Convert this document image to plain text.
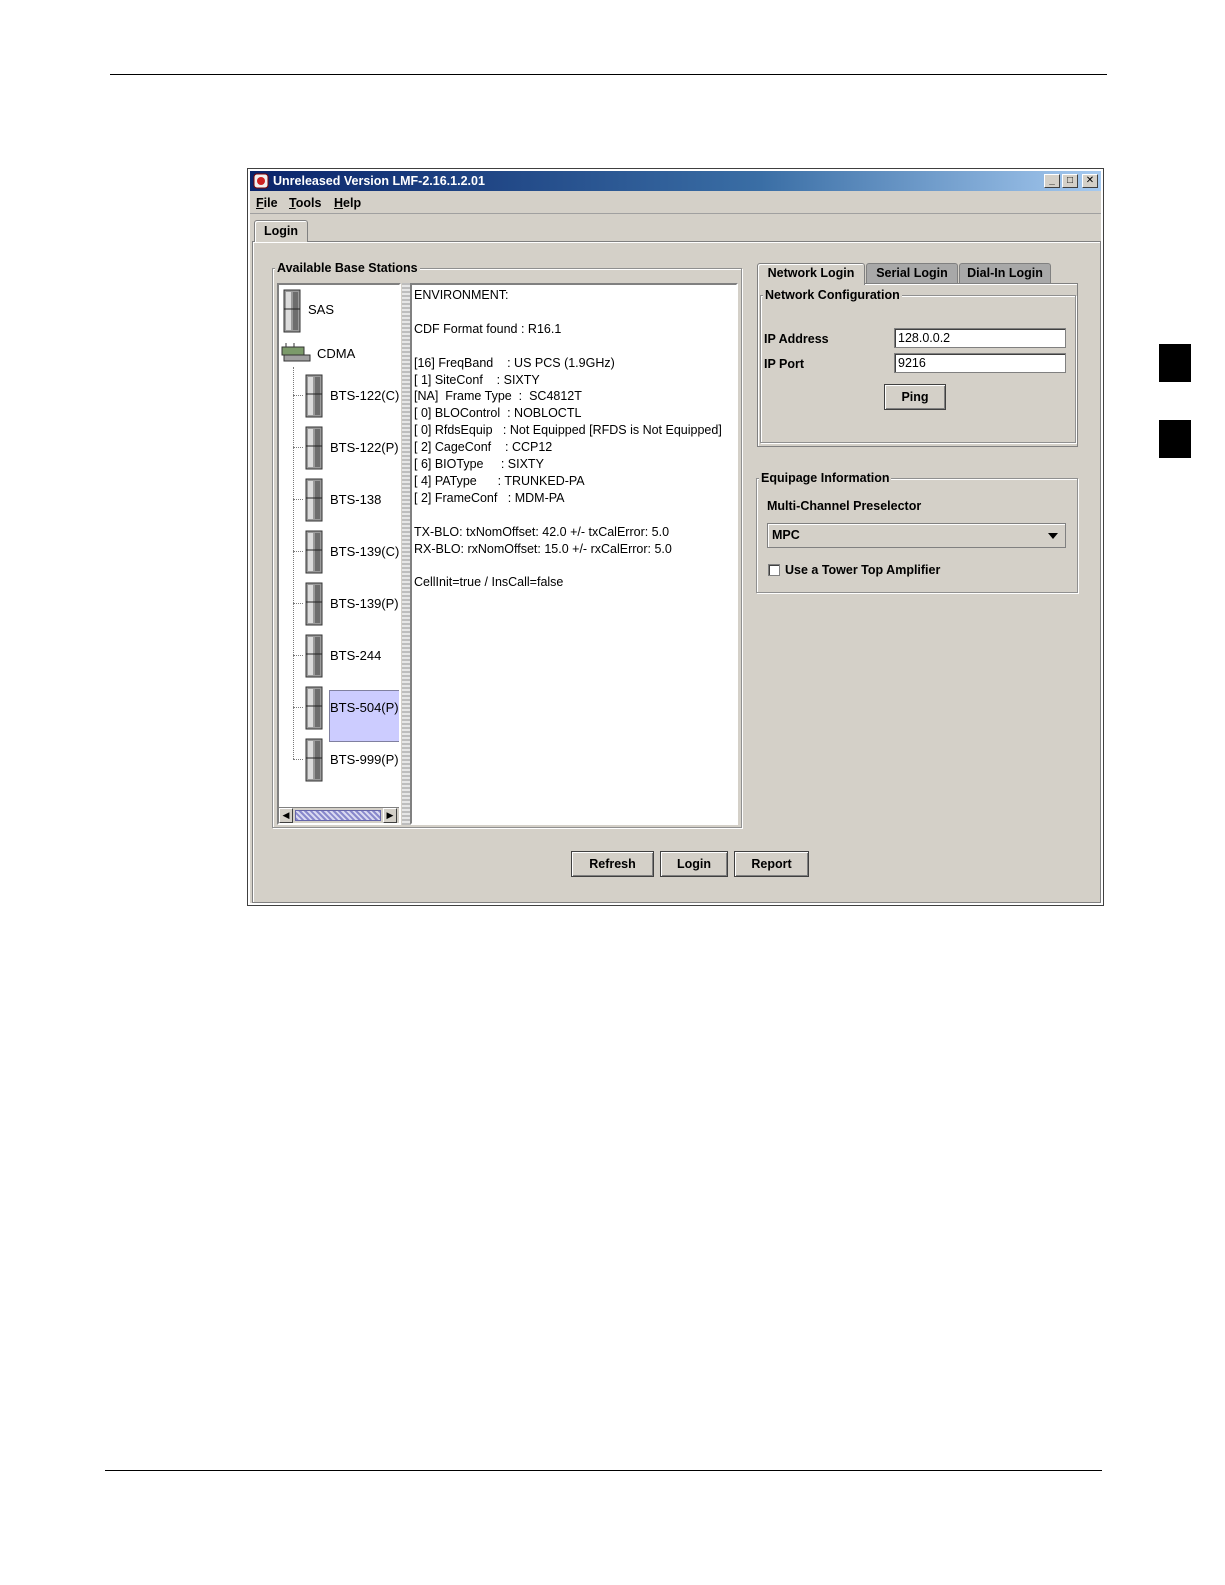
Unreleased Version LMF-2.16.1.2.01	_	□	✕
File Tools Help
Login
Available Base Stations
SAS
CDMA
BTS-122(C)
BTS-122(P)
BTS-138
BTS-139(C)
BTS-139(P)
BTS-244
BTS-504(P)
BTS-999(P)
◀	▶
ENVIRONMENT:

CDF Format found : R16.1

[16] FreqBand    : US PCS (1.9GHz)
[ 1] SiteConf    : SIXTY
[NA]  Frame Type  :  SC4812T
[ 0] BLOControl  : NOBLOCTL
[ 0] RfdsEquip   : Not Equipped [RFDS is Not Equipped]
[ 2] CageConf    : CCP12
[ 6] BIOType     : SIXTY
[ 4] PAType      : TRUNKED-PA
[ 2] FrameConf   : MDM-PA

TX-BLO: txNomOffset: 42.0 +/- txCalError: 5.0
RX-BLO: rxNomOffset: 15.0 +/- rxCalError: 5.0

CellInit=true / InsCall=false
Network Login	Serial Login	Dial-In Login
Network Configuration
IP Address	128.0.0.2
IP Port	9216
Ping
Equipage Information
Multi-Channel Preselector
MPC
Use a Tower Top Amplifier
Refresh	Login	Report
